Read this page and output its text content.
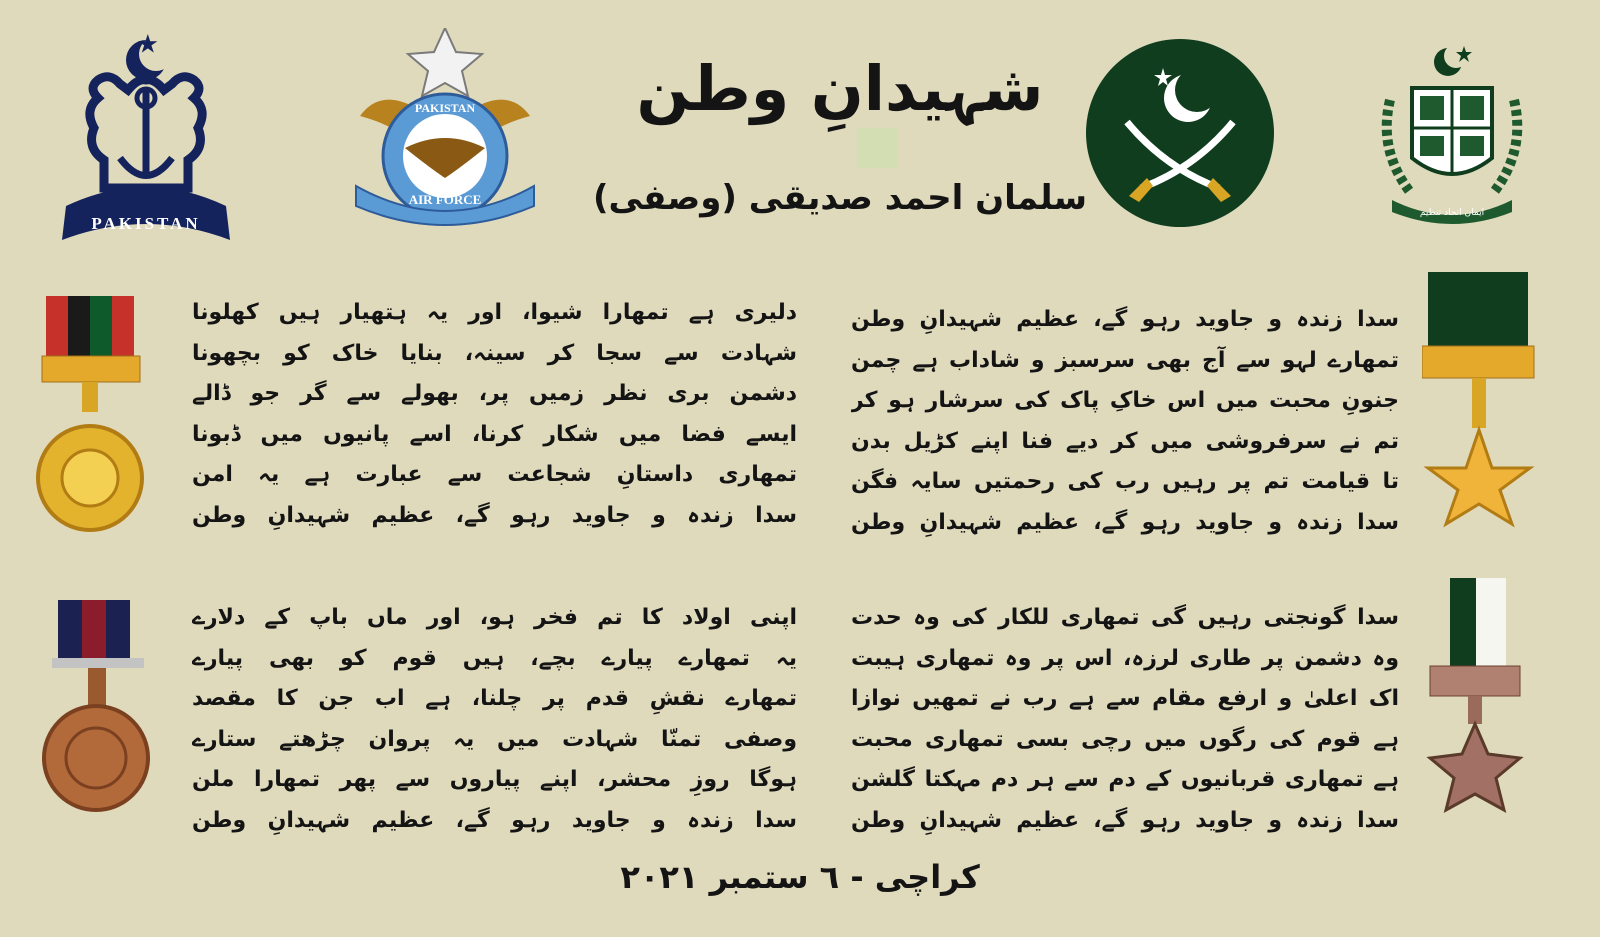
PAKISTAN
PAKISTAN
AIR FORCE
ایمان اتحاد تنظیم
شہیدانِ وطن
سلمان احمد صدیقی (وصفی)
سدا زندہ و جاوید رہو گے، عظیم شہیدانِ وطن
تمھارے لہو سے آج بھی سرسبز و شاداب ہے چمن
جنونِ محبت میں اس خاکِ پاک کی سرشار ہو کر
تم نے سرفروشی میں کر دیے فنا اپنے کڑیل بدن
تا قیامت تم پر رہیں رب کی رحمتیں سایہ فگن
سدا زندہ و جاوید رہو گے، عظیم شہیدانِ وطن
دلیری ہے تمھارا شیوا، اور یہ ہتھیار ہیں کھلونا
شہادت سے سجا کر سینہ، بنایا خاک کو بچھونا
دشمن بری نظر زمیں پر، بھولے سے گر جو ڈالے
ایسے فضا میں شکار کرنا، اسے پانیوں میں ڈبونا
تمھاری داستانِ شجاعت سے عبارت ہے یہ امن
سدا زندہ و جاوید رہو گے، عظیم شہیدانِ وطن
سدا گونجتی رہیں گی تمھاری للکار کی وہ حدت
وہ دشمن پر طاری لرزہ، اس پر وہ تمھاری ہیبت
اک اعلیٰ و ارفع مقام سے ہے رب نے تمھیں نوازا
ہے قوم کی رگوں میں رچی بسی تمھاری محبت
ہے تمھاری قربانیوں کے دم سے ہر دم مہکتا گلشن
سدا زندہ و جاوید رہو گے، عظیم شہیدانِ وطن
اپنی اولاد کا تم فخر ہو، اور ماں باپ کے دلارے
یہ تمھارے پیارے بچے، ہیں قوم کو بھی پیارے
تمھارے نقشِ قدم پر چلنا، ہے اب جن کا مقصد
وصفی تمنّا شہادت میں یہ پروان چڑھتے ستارے
ہوگا روزِ محشر، اپنے پیاروں سے پھر تمھارا ملن
سدا زندہ و جاوید رہو گے، عظیم شہیدانِ وطن
کراچی - ٦ ستمبر ٢٠٢١
